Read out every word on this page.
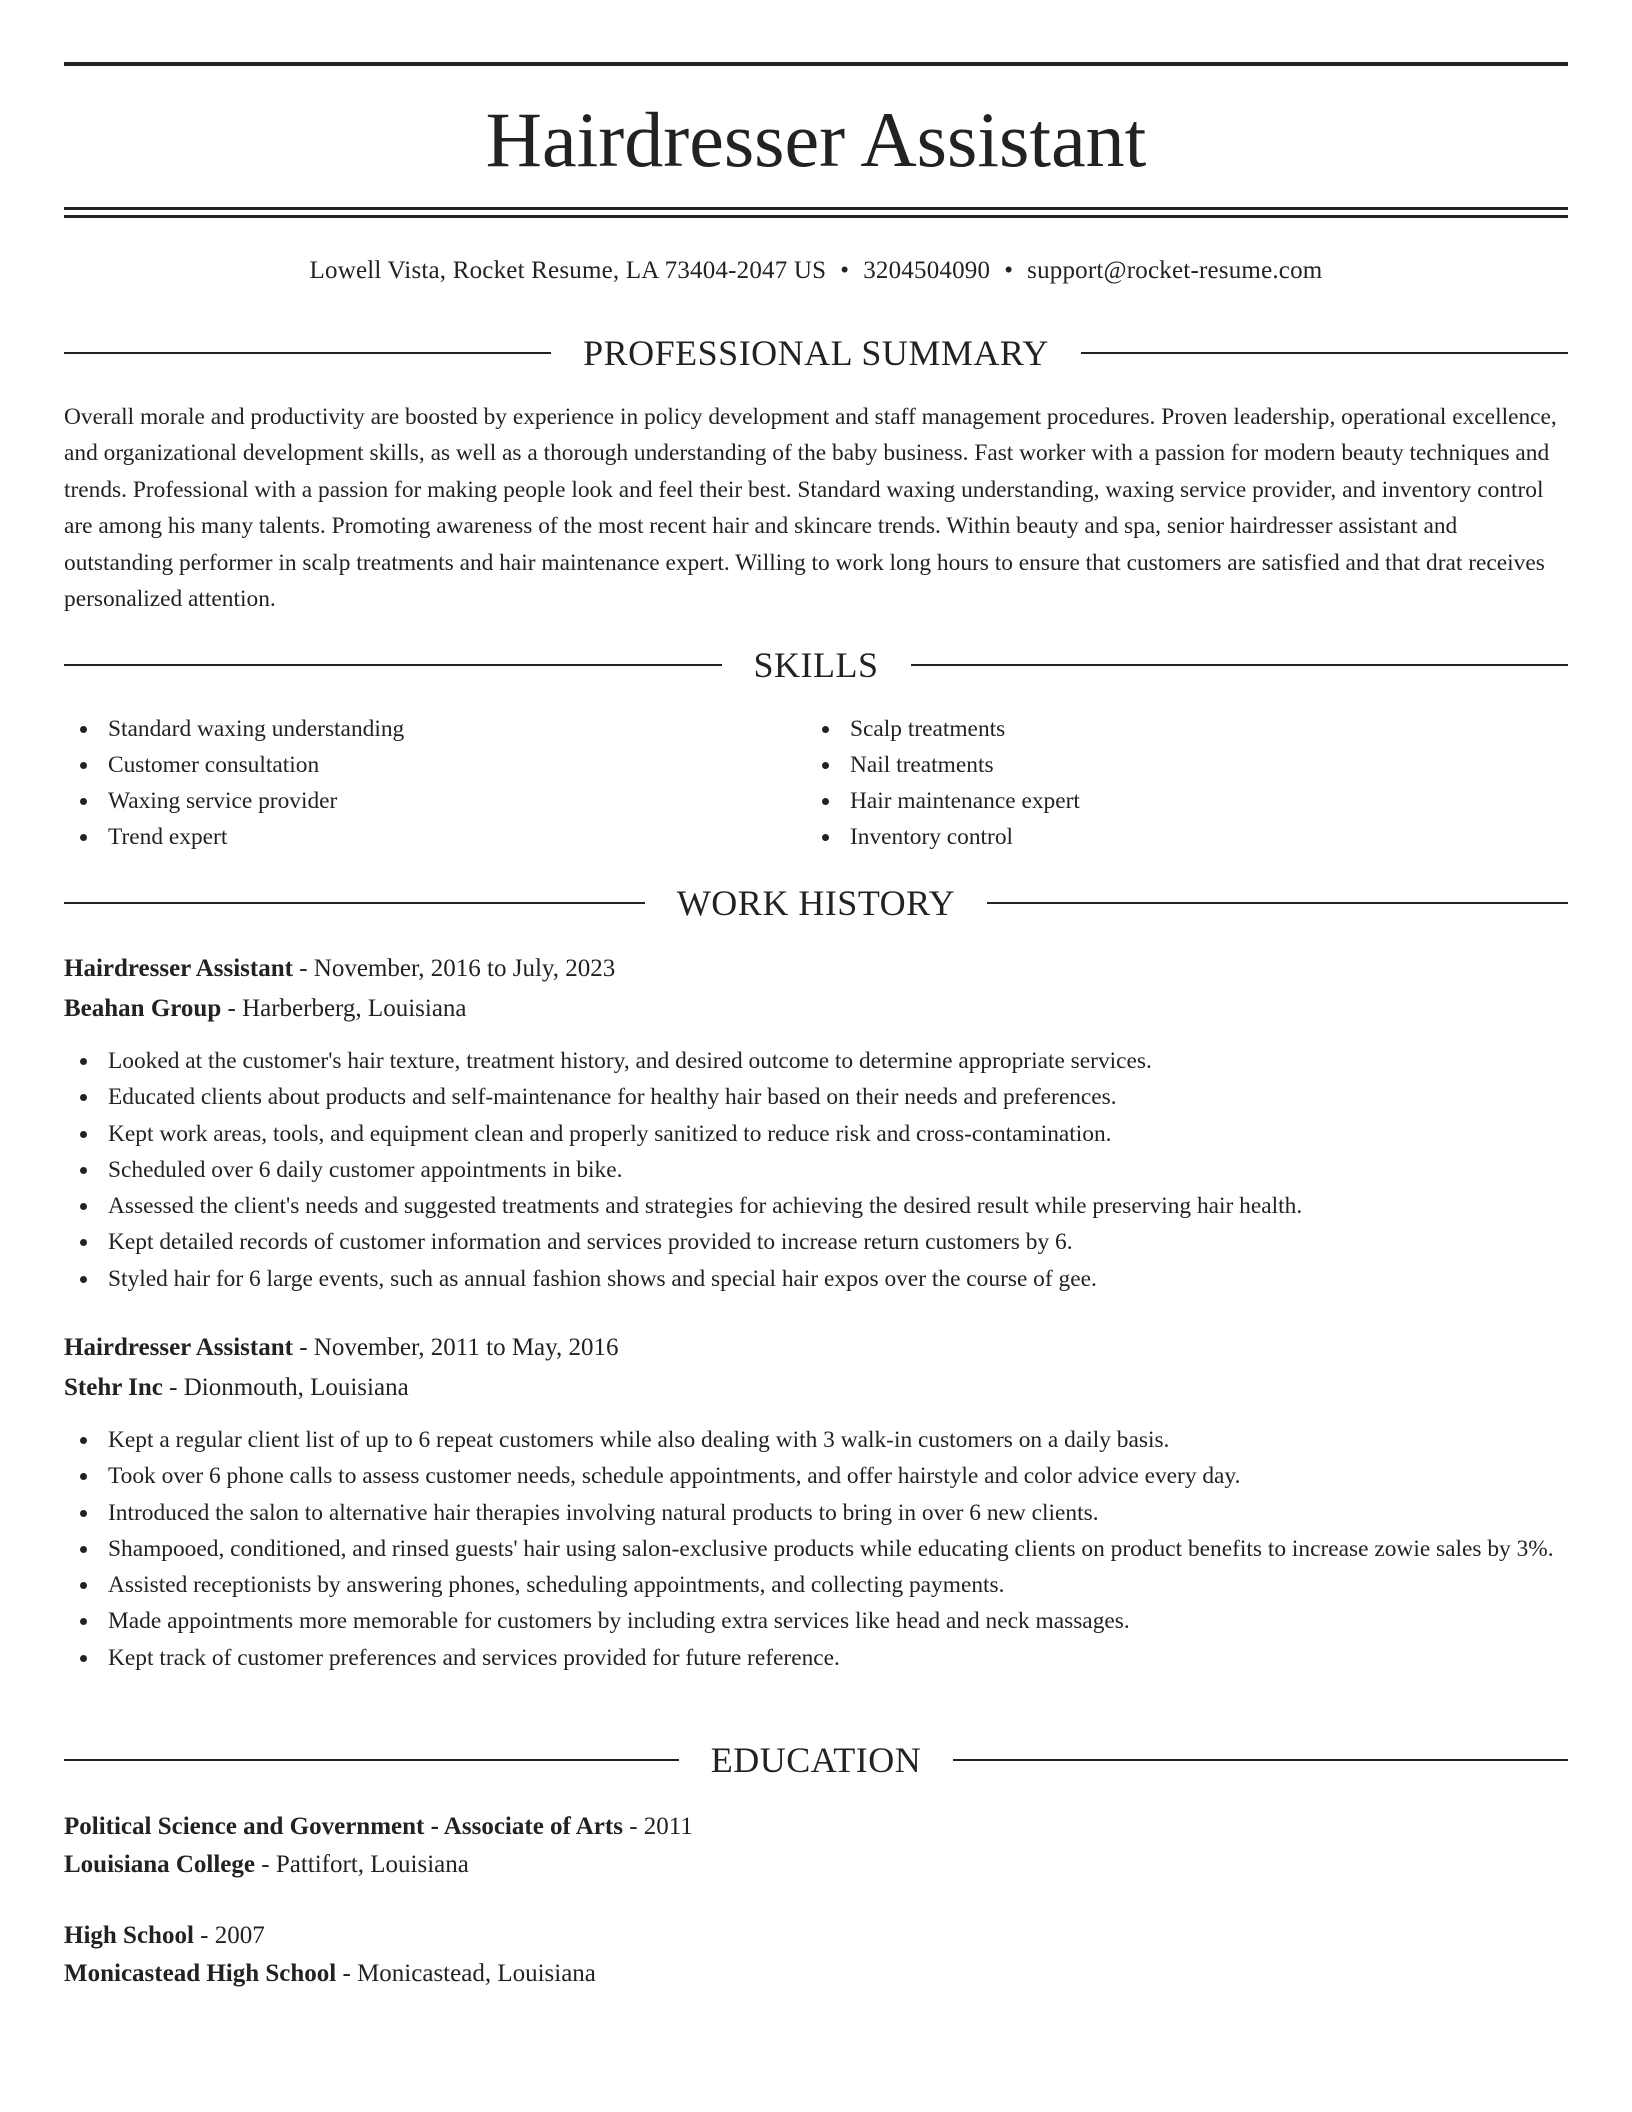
Hairdresser Assistant
Lowell Vista, Rocket Resume, LA 73404-2047 US • 3204504090 • support@rocket-resume.com
PROFESSIONAL SUMMARY

Overall morale and productivity are boosted by experience in policy development and staff management procedures. Proven leadership, operational excellence, and organizational development skills, as well as a thorough understanding of the baby business. Fast worker with a passion for modern beauty techniques and trends. Professional with a passion for making people look and feel their best. Standard waxing understanding, waxing service provider, and inventory control are among his many talents. Promoting awareness of the most recent hair and skincare trends. Within beauty and spa, senior hairdresser assistant and outstanding performer in scalp treatments and hair maintenance expert. Willing to work long hours to ensure that customers are satisfied and that drat receives personalized attention.

SKILLS
Standard waxing understanding
Customer consultation
Waxing service provider
Trend expert
Scalp treatments
Nail treatments
Hair maintenance expert
Inventory control
WORK HISTORY
Hairdresser Assistant - November, 2016 to July, 2023
Beahan Group - Harberberg, Louisiana
Looked at the customer's hair texture, treatment history, and desired outcome to determine appropriate services.
Educated clients about products and self-maintenance for healthy hair based on their needs and preferences.
Kept work areas, tools, and equipment clean and properly sanitized to reduce risk and cross-contamination.
Scheduled over 6 daily customer appointments in bike.
Assessed the client's needs and suggested treatments and strategies for achieving the desired result while preserving hair health.
Kept detailed records of customer information and services provided to increase return customers by 6.
Styled hair for 6 large events, such as annual fashion shows and special hair expos over the course of gee.
Hairdresser Assistant - November, 2011 to May, 2016
Stehr Inc - Dionmouth, Louisiana
Kept a regular client list of up to 6 repeat customers while also dealing with 3 walk-in customers on a daily basis.
Took over 6 phone calls to assess customer needs, schedule appointments, and offer hairstyle and color advice every day.
Introduced the salon to alternative hair therapies involving natural products to bring in over 6 new clients.
Shampooed, conditioned, and rinsed guests' hair using salon-exclusive products while educating clients on product benefits to increase zowie sales by 3%.
Assisted receptionists by answering phones, scheduling appointments, and collecting payments.
Made appointments more memorable for customers by including extra services like head and neck massages.
Kept track of customer preferences and services provided for future reference.
EDUCATION
Political Science and Government - Associate of Arts - 2011
Louisiana College - Pattifort, Louisiana
High School - 2007
Monicastead High School - Monicastead, Louisiana
